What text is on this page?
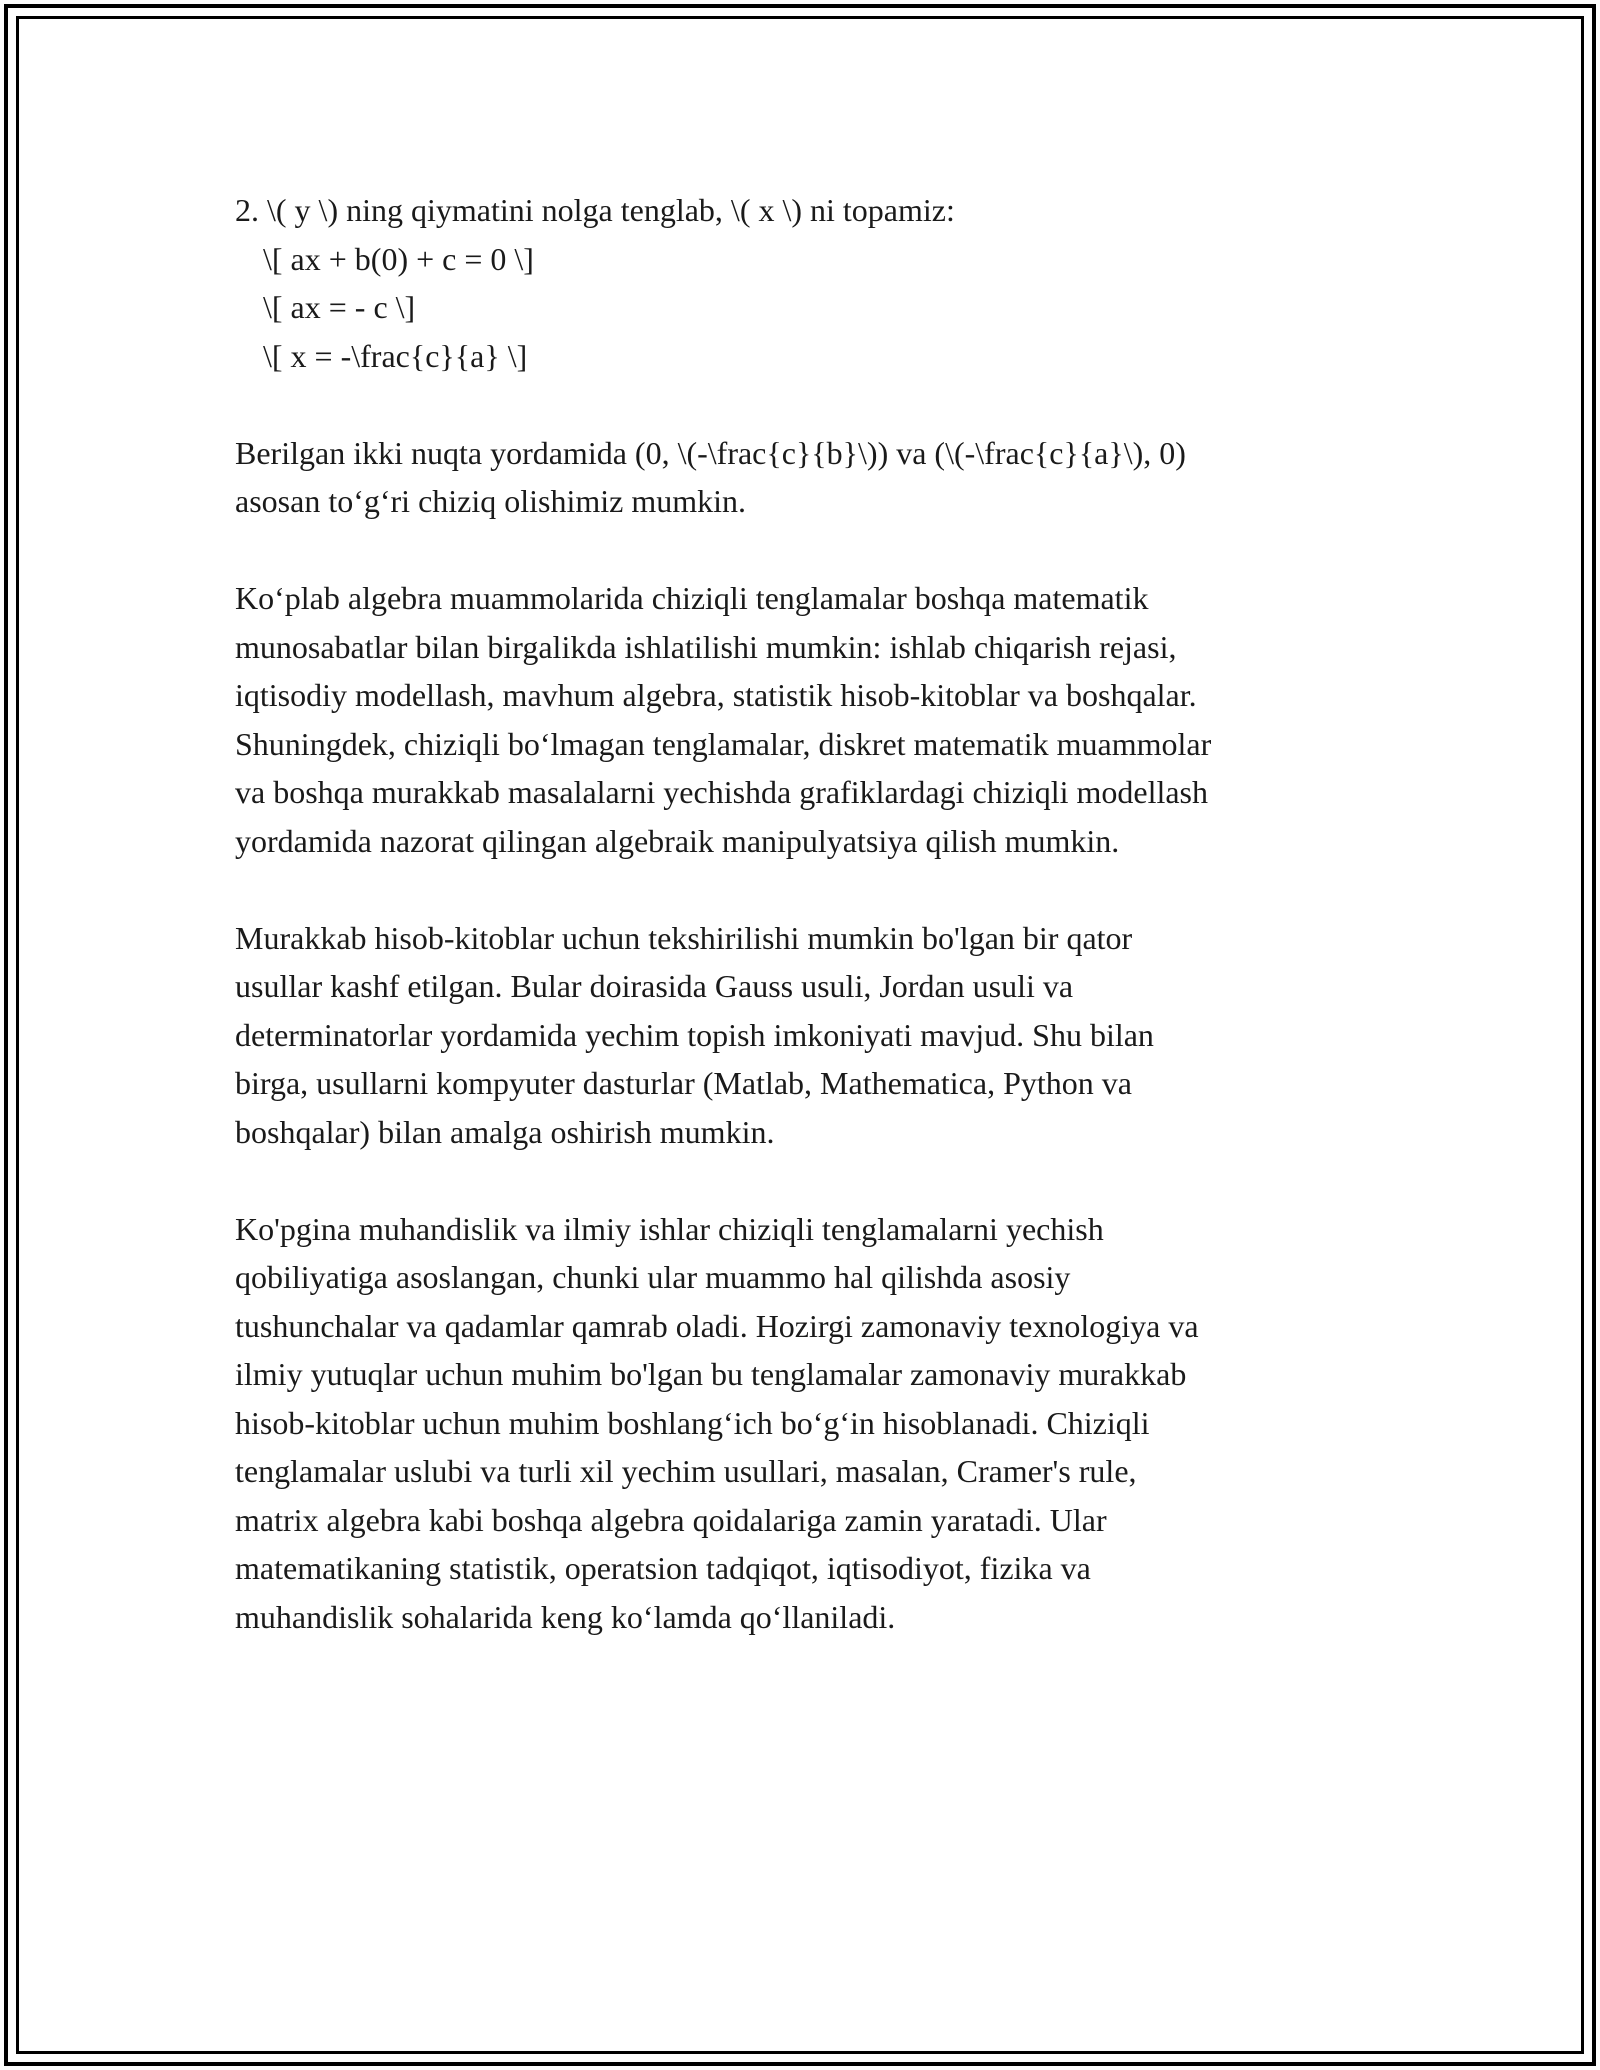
2. \( y \) ning qiymatini nolga tenglab, \( x \) ni topamiz:
\[ ax + b(0) + c = 0 \]
\[ ax = - c \]
\[ x = -\frac{c}{a} \]
Berilgan ikki nuqta yordamida (0, \(-\frac{c}{b}\)) va (\(-\frac{c}{a}\), 0)
asosan to‘g‘ri chiziq olishimiz mumkin.
Ko‘plab algebra muammolarida chiziqli tenglamalar boshqa matematik
munosabatlar bilan birgalikda ishlatilishi mumkin: ishlab chiqarish rejasi,
iqtisodiy modellash, mavhum algebra, statistik hisob-kitoblar va boshqalar.
Shuningdek, chiziqli bo‘lmagan tenglamalar, diskret matematik muammolar
va boshqa murakkab masalalarni yechishda grafiklardagi chiziqli modellash
yordamida nazorat qilingan algebraik manipulyatsiya qilish mumkin.
Murakkab hisob-kitoblar uchun tekshirilishi mumkin bo'lgan bir qator
usullar kashf etilgan. Bular doirasida Gauss usuli, Jordan usuli va
determinatorlar yordamida yechim topish imkoniyati mavjud. Shu bilan
birga, usullarni kompyuter dasturlar (Matlab, Mathematica, Python va
boshqalar) bilan amalga oshirish mumkin.
Ko'pgina muhandislik va ilmiy ishlar chiziqli tenglamalarni yechish
qobiliyatiga asoslangan, chunki ular muammo hal qilishda asosiy
tushunchalar va qadamlar qamrab oladi. Hozirgi zamonaviy texnologiya va
ilmiy yutuqlar uchun muhim bo'lgan bu tenglamalar zamonaviy murakkab
hisob-kitoblar uchun muhim boshlang‘ich bo‘g‘in hisoblanadi. Chiziqli
tenglamalar uslubi va turli xil yechim usullari, masalan, Cramer's rule,
matrix algebra kabi boshqa algebra qoidalariga zamin yaratadi. Ular
matematikaning statistik, operatsion tadqiqot, iqtisodiyot, fizika va
muhandislik sohalarida keng ko‘lamda qo‘llaniladi.
